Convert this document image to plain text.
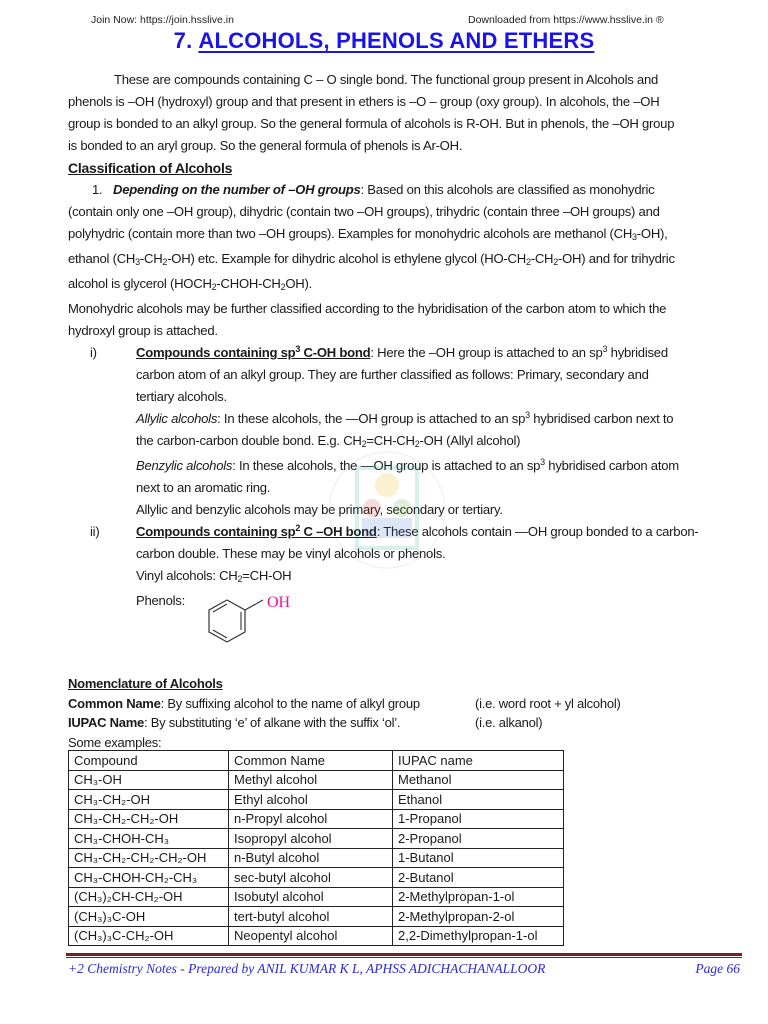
Join Now: https://join.hsslive.in	Downloaded from https://www.hsslive.in ®
7. ALCOHOLS, PHENOLS AND ETHERS

These are compounds containing C – O single bond. The functional group present in Alcohols and

phenols is –OH (hydroxyl) group and that present in ethers is –O – group (oxy group). In alcohols, the –OH

group is bonded to an alkyl group. So the general formula of alcohols is R-OH. But in phenols, the –OH group

is bonded to an aryl group. So the general formula of phenols is Ar-OH.

Classification of Alcohols

1. Depending on the number of –OH groups: Based on this alcohols are classified as monohydric

(contain only one –OH group), dihydric (contain two –OH groups), trihydric (contain three –OH groups) and

polyhydric (contain more than two –OH groups). Examples for monohydric alcohols are methanol $(CH_3-OH)$,

ethanol $(CH_3-CH_2-OH)$ etc. Example for dihydric alcohol is ethylene glycol $(HO-CH_2-CH_2-OH)$ and for trihydric

alcohol is glycerol $(HOCH_2-CHOH-CH_2OH)$.

Monohydric alcohols may be further classified according to the hybridisation of the carbon atom to which the

hydroxyl group is attached.

i)	Compounds containing $sp^3$ C-OH bond: Here the –OH group is attached to an $sp^3$ hybridised

carbon atom of an alkyl group. They are further classified as follows: Primary, secondary and

tertiary alcohols.

Allylic alcohols: In these alcohols, the —OH group is attached to an $sp^3$ hybridised carbon next to

the carbon-carbon double bond. E.g. $CH_2=CH-CH_2-OH$ (Allyl alcohol)

Benzylic alcohols: In these alcohols, the —OH group is attached to an $sp^3$ hybridised carbon atom

next to an aromatic ring.

Allylic and benzylic alcohols may be primary, secondary or tertiary.

ii)	Compounds containing $sp^2$ C –OH bond: These alcohols contain —OH group bonded to a carbon-

carbon double. These may be vinyl alcohols or phenols.

Vinyl alcohols: $CH_2=CH-OH$

Phenols:	OH
Nomenclature of Alcohols
Common Name: By suffixing alcohol to the name of alkyl group	(i.e. word root + yl alcohol)
IUPAC Name: By substituting ‘e’ of alkane with the suffix ‘ol’.	(i.e. alkanol)
Some examples:
Compound	Common Name	IUPAC name
CH₃-OH	Methyl alcohol	Methanol
CH₃-CH₂-OH	Ethyl alcohol	Ethanol
CH₃-CH₂-CH₂-OH	n-Propyl alcohol	1-Propanol
CH₃-CHOH-CH₃	Isopropyl alcohol	2-Propanol
CH₃-CH₂-CH₂-CH₂-OH	n-Butyl alcohol	1-Butanol
CH₃-CHOH-CH₂-CH₃	sec-butyl alcohol	2-Butanol
(CH₃)₂CH-CH₂-OH	Isobutyl alcohol	2-Methylpropan-1-ol
(CH₃)₃C-OH	tert-butyl alcohol	2-Methylpropan-2-ol
(CH₃)₃C-CH₂-OH	Neopentyl alcohol	2,2-Dimethylpropan-1-ol
+2 Chemistry Notes - Prepared by ANIL KUMAR K L, APHSS ADICHACHANALLOOR	Page 66
